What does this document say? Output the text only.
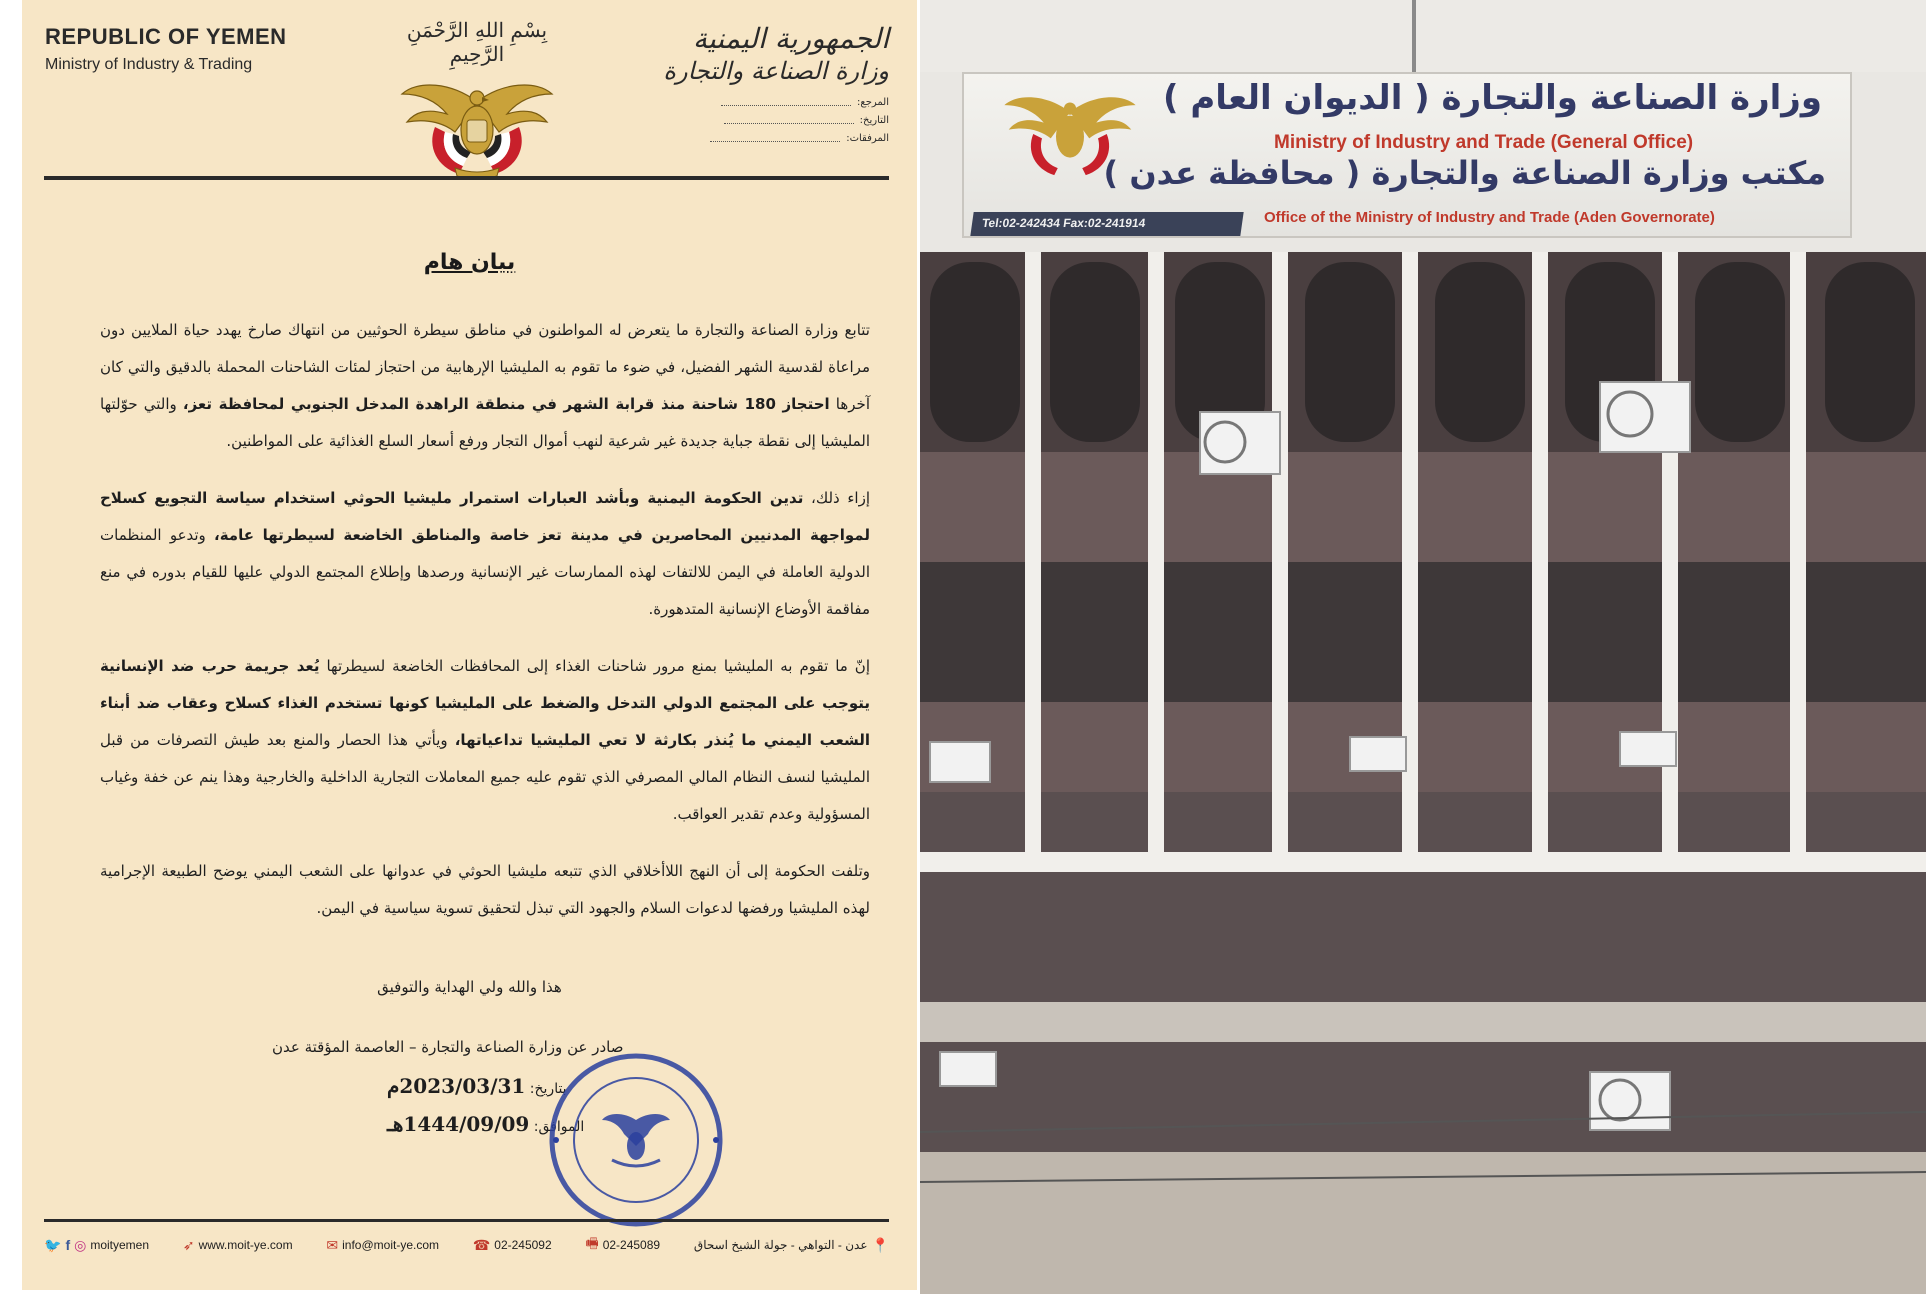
REPUBLIC OF YEMEN
Ministry of Industry & Trading
بِسْمِ اللهِ الرَّحْمَنِ الرَّحِيمِ	الجمهورية اليمنية
وزارة الصناعة والتجارة
المرجع:
التاريخ:
المرفقات:
بيان هام

تتابع وزارة الصناعة والتجارة ما يتعرض له المواطنون في مناطق سيطرة الحوثيين من انتهاك صارخ يهدد حياة الملايين دون مراعاة لقدسية الشهر الفضيل، في ضوء ما تقوم به المليشيا الإرهابية من احتجاز لمئات الشاحنات المحملة بالدقيق والتي كان آخرها احتجاز 180 شاحنة منذ قرابة الشهر في منطقة الراهدة المدخل الجنوبي لمحافظة تعز، والتي حوّلتها المليشيا إلى نقطة جباية جديدة غير شرعية لنهب أموال التجار ورفع أسعار السلع الغذائية على المواطنين.

إزاء ذلك، تدين الحكومة اليمنية وبأشد العبارات استمرار مليشيا الحوثي استخدام سياسة التجويع كسلاح لمواجهة المدنيين المحاصرين في مدينة تعز خاصة والمناطق الخاضعة لسيطرتها عامة، وتدعو المنظمات الدولية العاملة في اليمن للالتفات لهذه الممارسات غير الإنسانية ورصدها وإطلاع المجتمع الدولي عليها للقيام بدوره في منع مفاقمة الأوضاع الإنسانية المتدهورة.

إنّ ما تقوم به المليشيا بمنع مرور شاحنات الغذاء إلى المحافظات الخاضعة لسيطرتها يُعد جريمة حرب ضد الإنسانية يتوجب على المجتمع الدولي التدخل والضغط على المليشيا كونها تستخدم الغذاء كسلاح وعقاب ضد أبناء الشعب اليمني ما يُنذر بكارثة لا تعي المليشيا تداعياتها، ويأتي هذا الحصار والمنع بعد طيش التصرفات من قبل المليشيا لنسف النظام المالي المصرفي الذي تقوم عليه جميع المعاملات التجارية الداخلية والخارجية وهذا ينم عن خفة وغياب المسؤولية وعدم تقدير العواقب.

وتلفت الحكومة إلى أن النهج اللاأخلاقي الذي تتبعه مليشيا الحوثي في عدوانها على الشعب اليمني يوضح الطبيعة الإجرامية لهذه المليشيا ورفضها لدعوات السلام والجهود التي تبذل لتحقيق تسوية سياسية في اليمن.

هذا والله ولي الهداية والتوفيق
صادر عن وزارة الصناعة والتجارة – العاصمة المؤقتة عدن
بتاريخ: 2023/03/31م
الموافق: 1444/09/09هـ
🐦 f ◎ moityemen ➶ www.moit-ye.com ✉ info@moit-ye.com ☎ 02-245092 🖷 02-245089	📍
عدن - التواهي - جولة الشيخ اسحاق
وزارة الصناعة والتجارة ( الديوان العام )
Ministry of Industry and Trade (General Office)
مكتب وزارة الصناعة والتجارة ( محافظة عدن )
Office of the Ministry of Industry and Trade (Aden Governorate)
Tel:02-242434 Fax:02-241914
